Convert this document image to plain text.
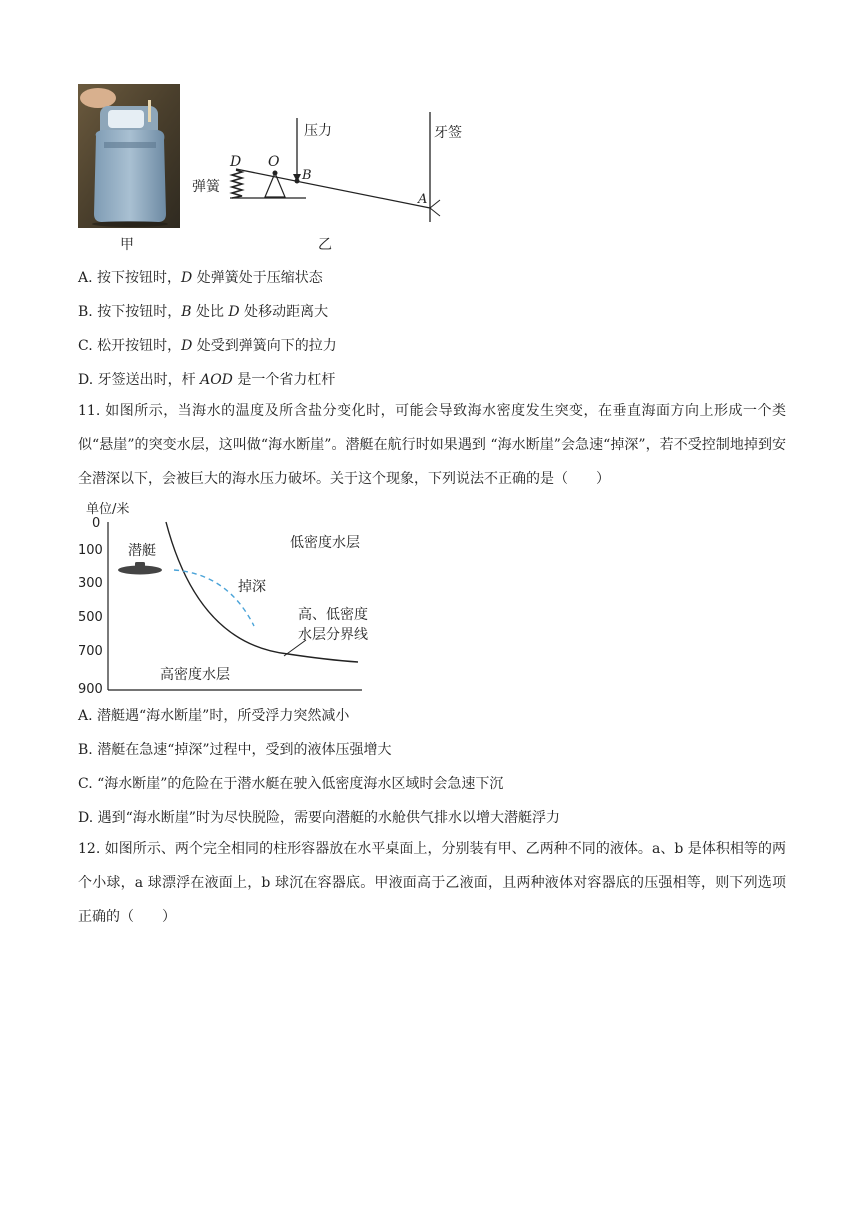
甲
压力	牙签
弹簧
D O
B
A
乙
A. 按下按钮时，D 处弹簧处于压缩状态
B. 按下按钮时，B 处比 D 处移动距离大
C. 松开按钮时，D 处受到弹簧向下的拉力
D. 牙签送出时，杆 AOD 是一个省力杠杆
11. 如图所示，当海水的温度及所含盐分变化时，可能会导致海水密度发生突变，在垂直海面方向上形成一个类似“悬崖”的突变水层，这叫做“海水断崖”。潜艇在航行时如果遇到 “海水断崖”会急速“掉深”，若不受控制地掉到安全潜深以下，会被巨大的海水压力破坏。关于这个现象，下列说法不正确的是（　　）
单位/米
0
100
300
500
700
900
潜艇
掉深
低密度水层
高、低密度
水层分界线
高密度水层
A. 潜艇遇“海水断崖”时，所受浮力突然减小
B. 潜艇在急速“掉深”过程中，受到的液体压强增大
C. “海水断崖”的危险在于潜水艇在驶入低密度海水区域时会急速下沉
D. 遇到“海水断崖”时为尽快脱险，需要向潜艇的水舱供气排水以增大潜艇浮力
12. 如图所示、两个完全相同的柱形容器放在水平桌面上，分别装有甲、乙两种不同的液体。a、b 是体积相等的两个小球，a 球漂浮在液面上，b 球沉在容器底。甲液面高于乙液面，且两种液体对容器底的压强相等，则下列选项正确的（　　）
